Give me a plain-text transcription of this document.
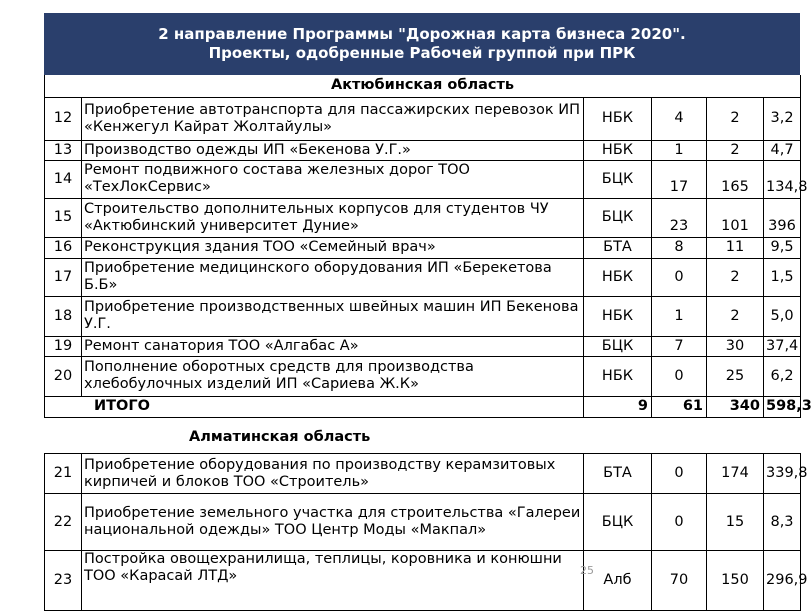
2 направление Программы "Дорожная карта бизнеса 2020".
Проекты, одобренные Рабочей группой при ПРК
Актюбинская область					
12	Приобретение автотранспорта для пассажирских перевозок ИП «Кенжегул Кайрат Жолтайулы»	НБК	4	2	3,2
13	Производство одежды ИП «Бекенова У.Г.»	НБК	1	2	4,7
14	Ремонт подвижного состава железных дорог ТОО «ТехЛокСервис»	БЦК	17	165	134,8
15	Строительство дополнительных корпусов для студентов ЧУ «Актюбинский университет Дуние»	БЦК	23	101	396
16	Реконструкция здания ТОО «Семейный врач»	БТА	8	11	9,5
17	Приобретение медицинского оборудования ИП «Берекетова Б.Б»	НБК	0	2	1,5
18	Приобретение производственных швейных машин ИП Бекенова У.Г.	НБК	1	2	5,0
19	Ремонт санатория ТОО «Алгабас А»	БЦК	7	30	37,4
20	Пополнение оборотных средств для производства хлебобулочных изделий ИП «Сариева Ж.К»	НБК	0	25	6,2
ИТОГО		9	61	340	598,3
Алматинская область
21	Приобретение оборудования по производству керамзитовых кирпичей и блоков ТОО «Строитель»	БТА	0	174	339,8
22	Приобретение земельного участка для строительства «Галереи национальной одежды» ТОО Центр Моды «Макпал»	БЦК	0	15	8,3
23	Постройка овощехранилища, теплицы, коровника и конюшни ТОО «Карасай ЛТД»	Алб	70	150	296,9
25
